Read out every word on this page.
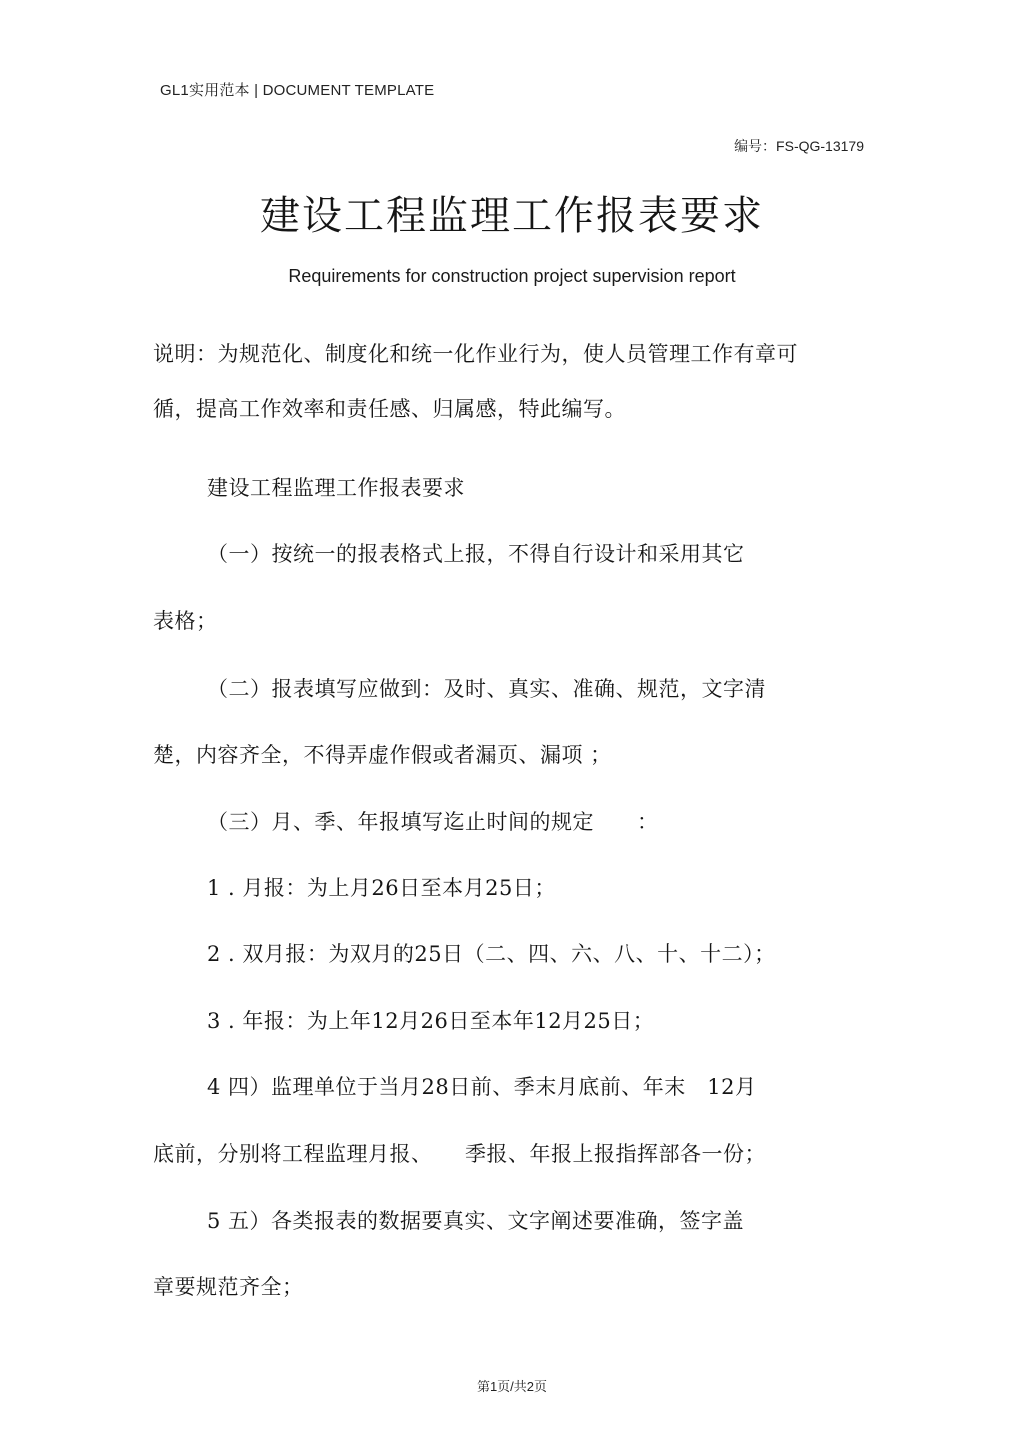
GL1实用范本 | DOCUMENT TEMPLATE
编号：FS-QG-13179
建设工程监理工作报表要求
Requirements for construction project supervision report
说明：为规范化、制度化和统一化作业行为，使人员管理工作有章可
循，提高工作效率和责任感、归属感，特此编写。
建设工程监理工作报表要求
（一）按统一的报表格式上报，不得自行设计和采用其它
表格；
（二）报表填写应做到：及时、真实、准确、规范，文字清
楚，内容齐全，不得弄虚作假或者漏页、漏项 ；
（三）月、季、年报填写迄止时间的规定　　：
1 . 月报：为上月26日至本月25日；
2 . 双月报：为双月的25日（二、四、六、八、十、十二）；
3 . 年报：为上年12月26日至本年12月25日；
4 四）监理单位于当月28日前、季末月底前、年末　12月
底前，分别将工程监理月报、　　季报、年报上报指挥部各一份；
5 五）各类报表的数据要真实、文字阐述要准确，签字盖
章要规范齐全；
第1页/共2页
